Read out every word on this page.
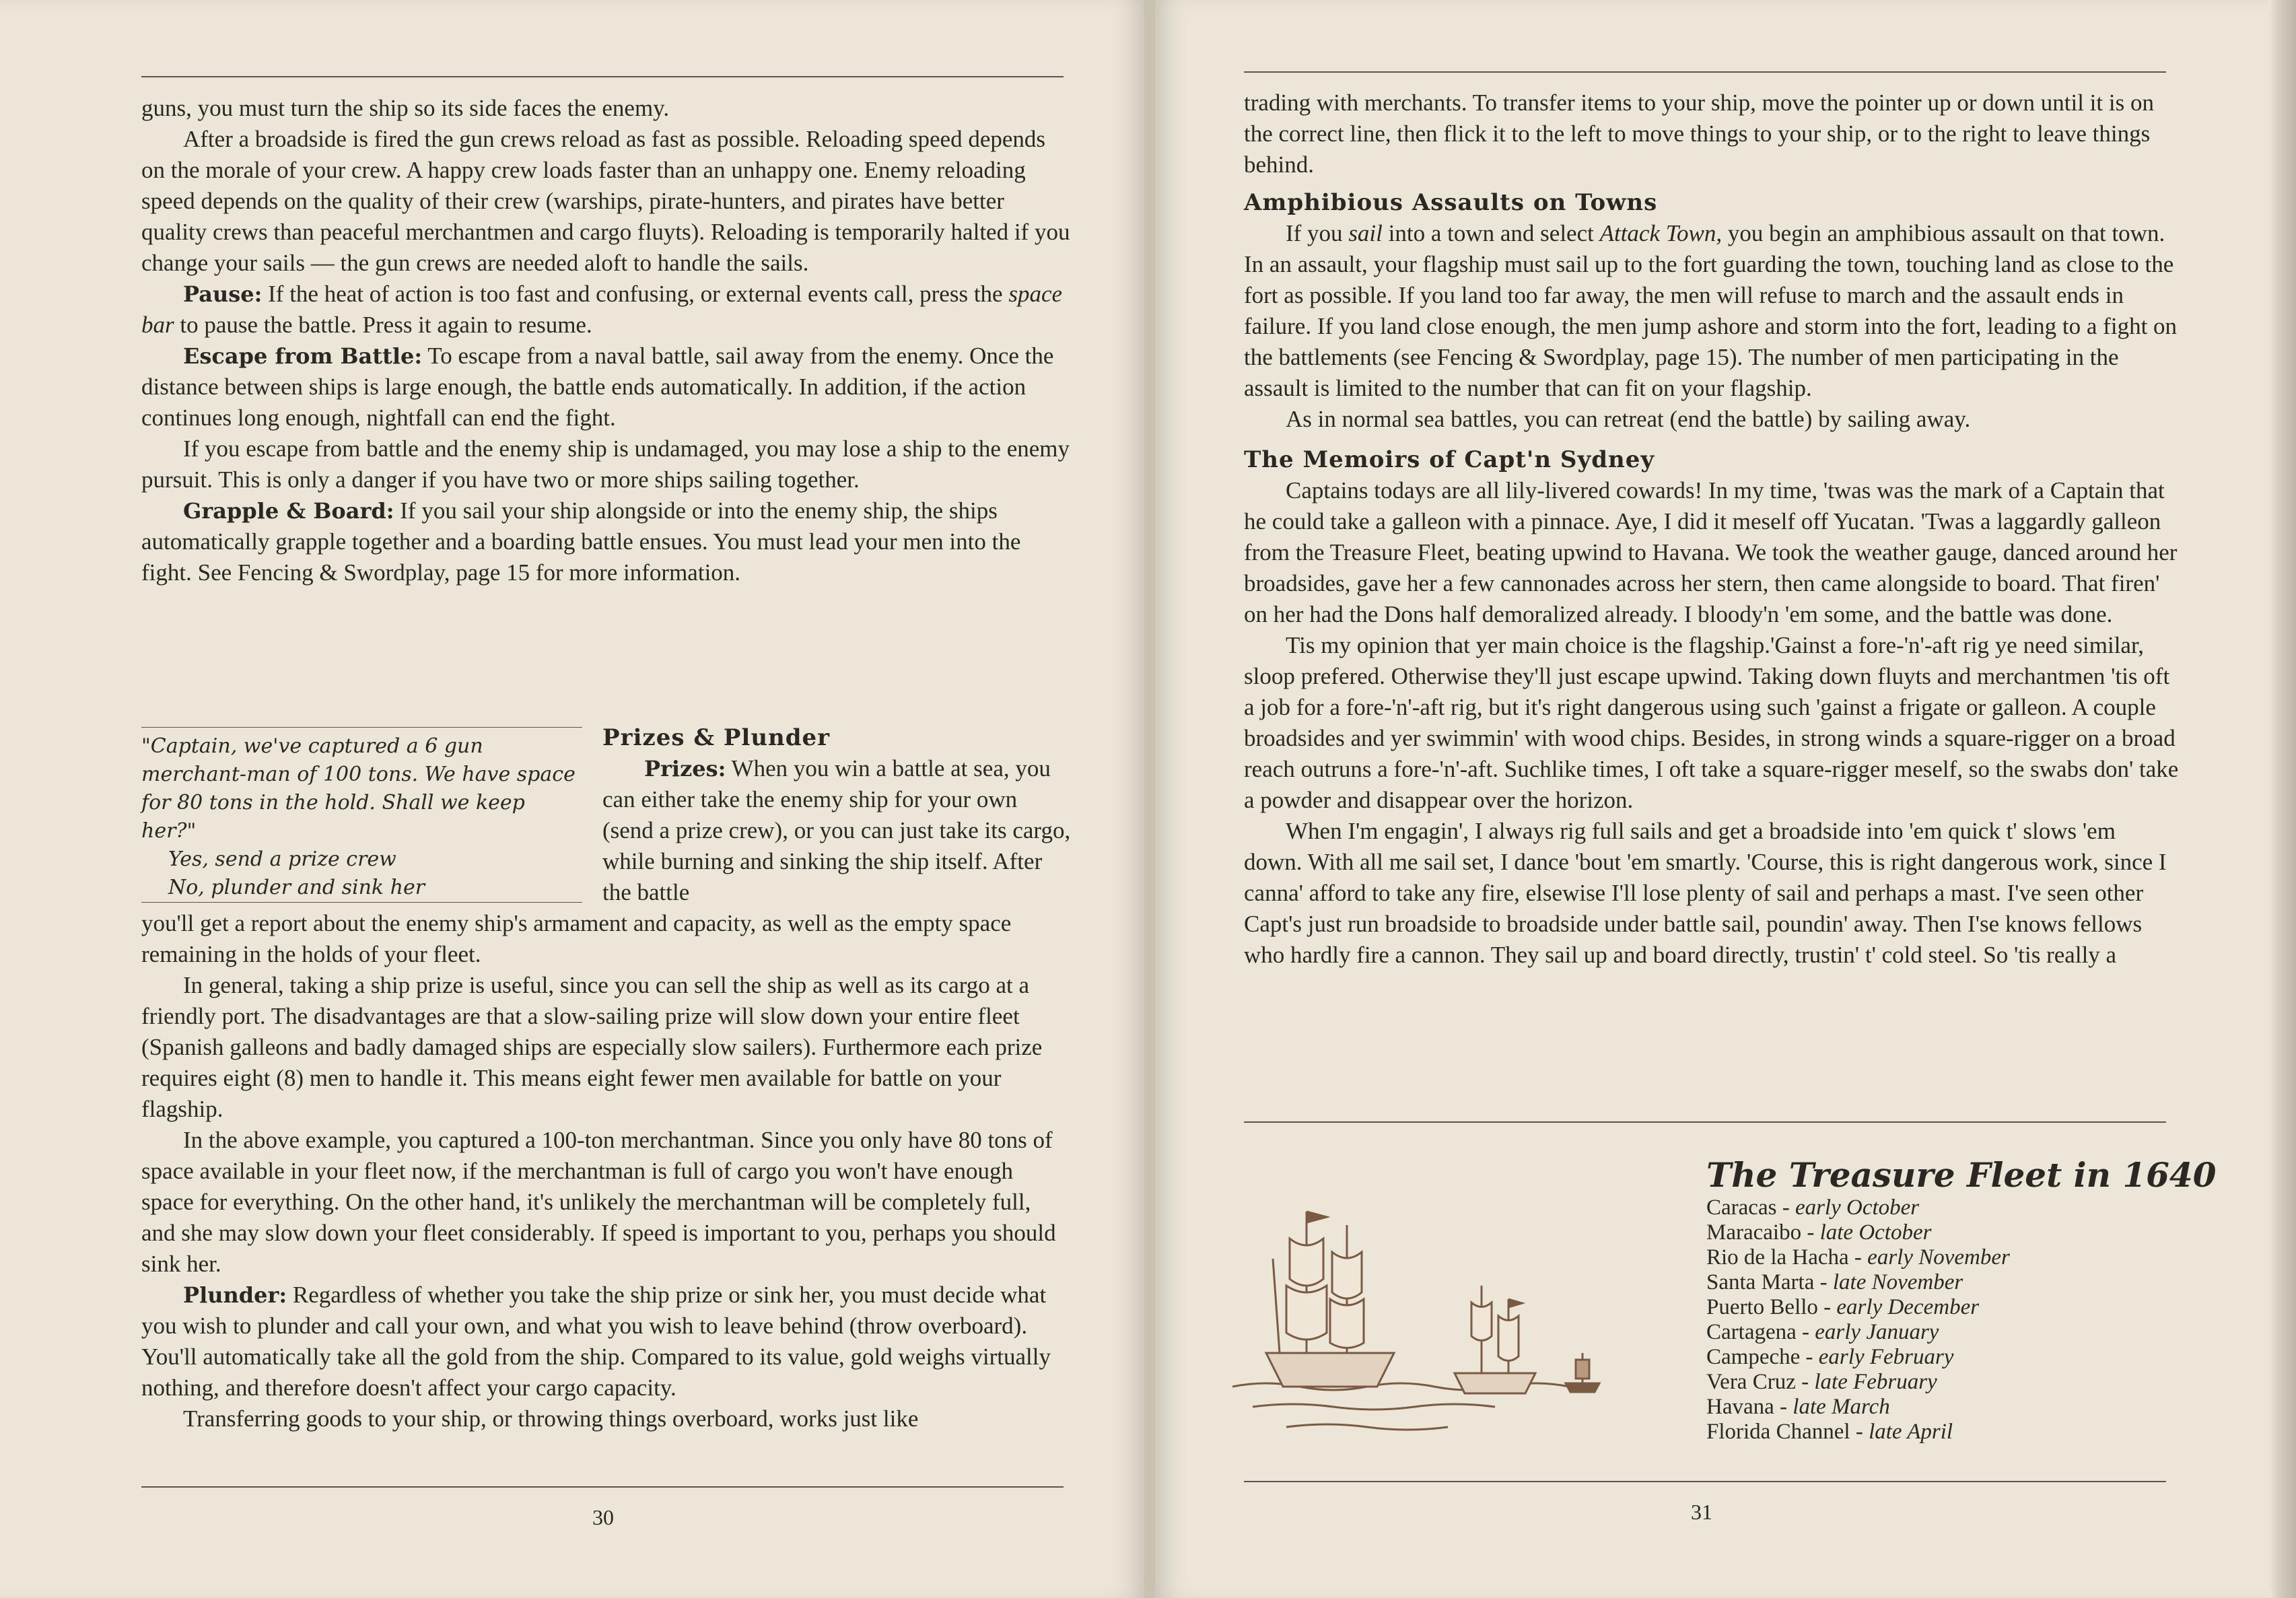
guns, you must turn the ship so its side faces the enemy.

After a broadside is fired the gun crews reload as fast as possible. Reloading speed depends on the morale of your crew. A happy crew loads faster than an unhappy one. Enemy reloading speed depends on the quality of their crew (warships, pirate-hunters, and pirates have better quality crews than peaceful merchantmen and cargo fluyts). Reloading is temporarily halted if you change your sails — the gun crews are needed aloft to handle the sails.

Pause: If the heat of action is too fast and confusing, or external events call, press the space bar to pause the battle. Press it again to resume.

Escape from Battle: To escape from a naval battle, sail away from the enemy. Once the distance between ships is large enough, the battle ends automatically. In addition, if the action continues long enough, nightfall can end the fight.

If you escape from battle and the enemy ship is undamaged, you may lose a ship to the enemy pursuit. This is only a danger if you have two or more ships sailing together.

Grapple & Board: If you sail your ship alongside or into the enemy ship, the ships automatically grapple together and a boarding battle ensues. You must lead your men into the fight. See Fencing & Swordplay, page 15 for more information.

"Captain, we've captured a 6 gun merchant-man of 100 tons. We have space for 80 tons in the hold. Shall we keep her?"

Yes, send a prize crew

No, plunder and sink her

Prizes & Plunder

Prizes: When you win a battle at sea, you can either take the enemy ship for your own (send a prize crew), or you can just take its cargo, while burning and sinking the ship itself. After the battle

you'll get a report about the enemy ship's armament and capacity, as well as the empty space remaining in the holds of your fleet.

In general, taking a ship prize is useful, since you can sell the ship as well as its cargo at a friendly port. The disadvantages are that a slow-sailing prize will slow down your entire fleet (Spanish galleons and badly damaged ships are especially slow sailers). Furthermore each prize requires eight (8) men to handle it. This means eight fewer men available for battle on your flagship.

In the above example, you captured a 100-ton merchantman. Since you only have 80 tons of space available in your fleet now, if the merchantman is full of cargo you won't have enough space for everything. On the other hand, it's unlikely the merchantman will be completely full, and she may slow down your fleet considerably. If speed is important to you, perhaps you should sink her.

Plunder: Regardless of whether you take the ship prize or sink her, you must decide what you wish to plunder and call your own, and what you wish to leave behind (throw overboard). You'll automatically take all the gold from the ship. Compared to its value, gold weighs virtually nothing, and therefore doesn't affect your cargo capacity.

Transferring goods to your ship, or throwing things overboard, works just like

30

trading with merchants. To transfer items to your ship, move the pointer up or down until it is on the correct line, then flick it to the left to move things to your ship, or to the right to leave things behind.

Amphibious Assaults on Towns

If you sail into a town and select Attack Town, you begin an amphibious assault on that town. In an assault, your flagship must sail up to the fort guarding the town, touching land as close to the fort as possible. If you land too far away, the men will refuse to march and the assault ends in failure. If you land close enough, the men jump ashore and storm into the fort, leading to a fight on the battlements (see Fencing & Swordplay, page 15). The number of men participating in the assault is limited to the number that can fit on your flagship.

As in normal sea battles, you can retreat (end the battle) by sailing away.

The Memoirs of Capt'n Sydney

Captains todays are all lily-livered cowards! In my time, 'twas was the mark of a Captain that he could take a galleon with a pinnace. Aye, I did it meself off Yucatan. 'Twas a laggardly galleon from the Treasure Fleet, beating upwind to Havana. We took the weather gauge, danced around her broadsides, gave her a few cannonades across her stern, then came alongside to board. That firen' on her had the Dons half demoralized already. I bloody'n 'em some, and the battle was done.

Tis my opinion that yer main choice is the flagship.'Gainst a fore-'n'-aft rig ye need similar, sloop prefered. Otherwise they'll just escape upwind. Taking down fluyts and merchantmen 'tis oft a job for a fore-'n'-aft rig, but it's right dangerous using such 'gainst a frigate or galleon. A couple broadsides and yer swimmin' with wood chips. Besides, in strong winds a square-rigger on a broad reach outruns a fore-'n'-aft. Suchlike times, I oft take a square-rigger meself, so the swabs don' take a powder and disappear over the horizon.

When I'm engagin', I always rig full sails and get a broadside into 'em quick t' slows 'em down. With all me sail set, I dance 'bout 'em smartly. 'Course, this is right dangerous work, since I canna' afford to take any fire, elsewise I'll lose plenty of sail and perhaps a mast. I've seen other Capt's just run broadside to broadside under battle sail, poundin' away. Then I'se knows fellows who hardly fire a cannon. They sail up and board directly, trustin' t' cold steel. So 'tis really a

The Treasure Fleet in 1640
Caracas - early October
Maracaibo - late October
Rio de la Hacha - early November
Santa Marta - late November
Puerto Bello - early December
Cartagena - early January
Campeche - early February
Vera Cruz - late February
Havana - late March
Florida Channel - late April
31
